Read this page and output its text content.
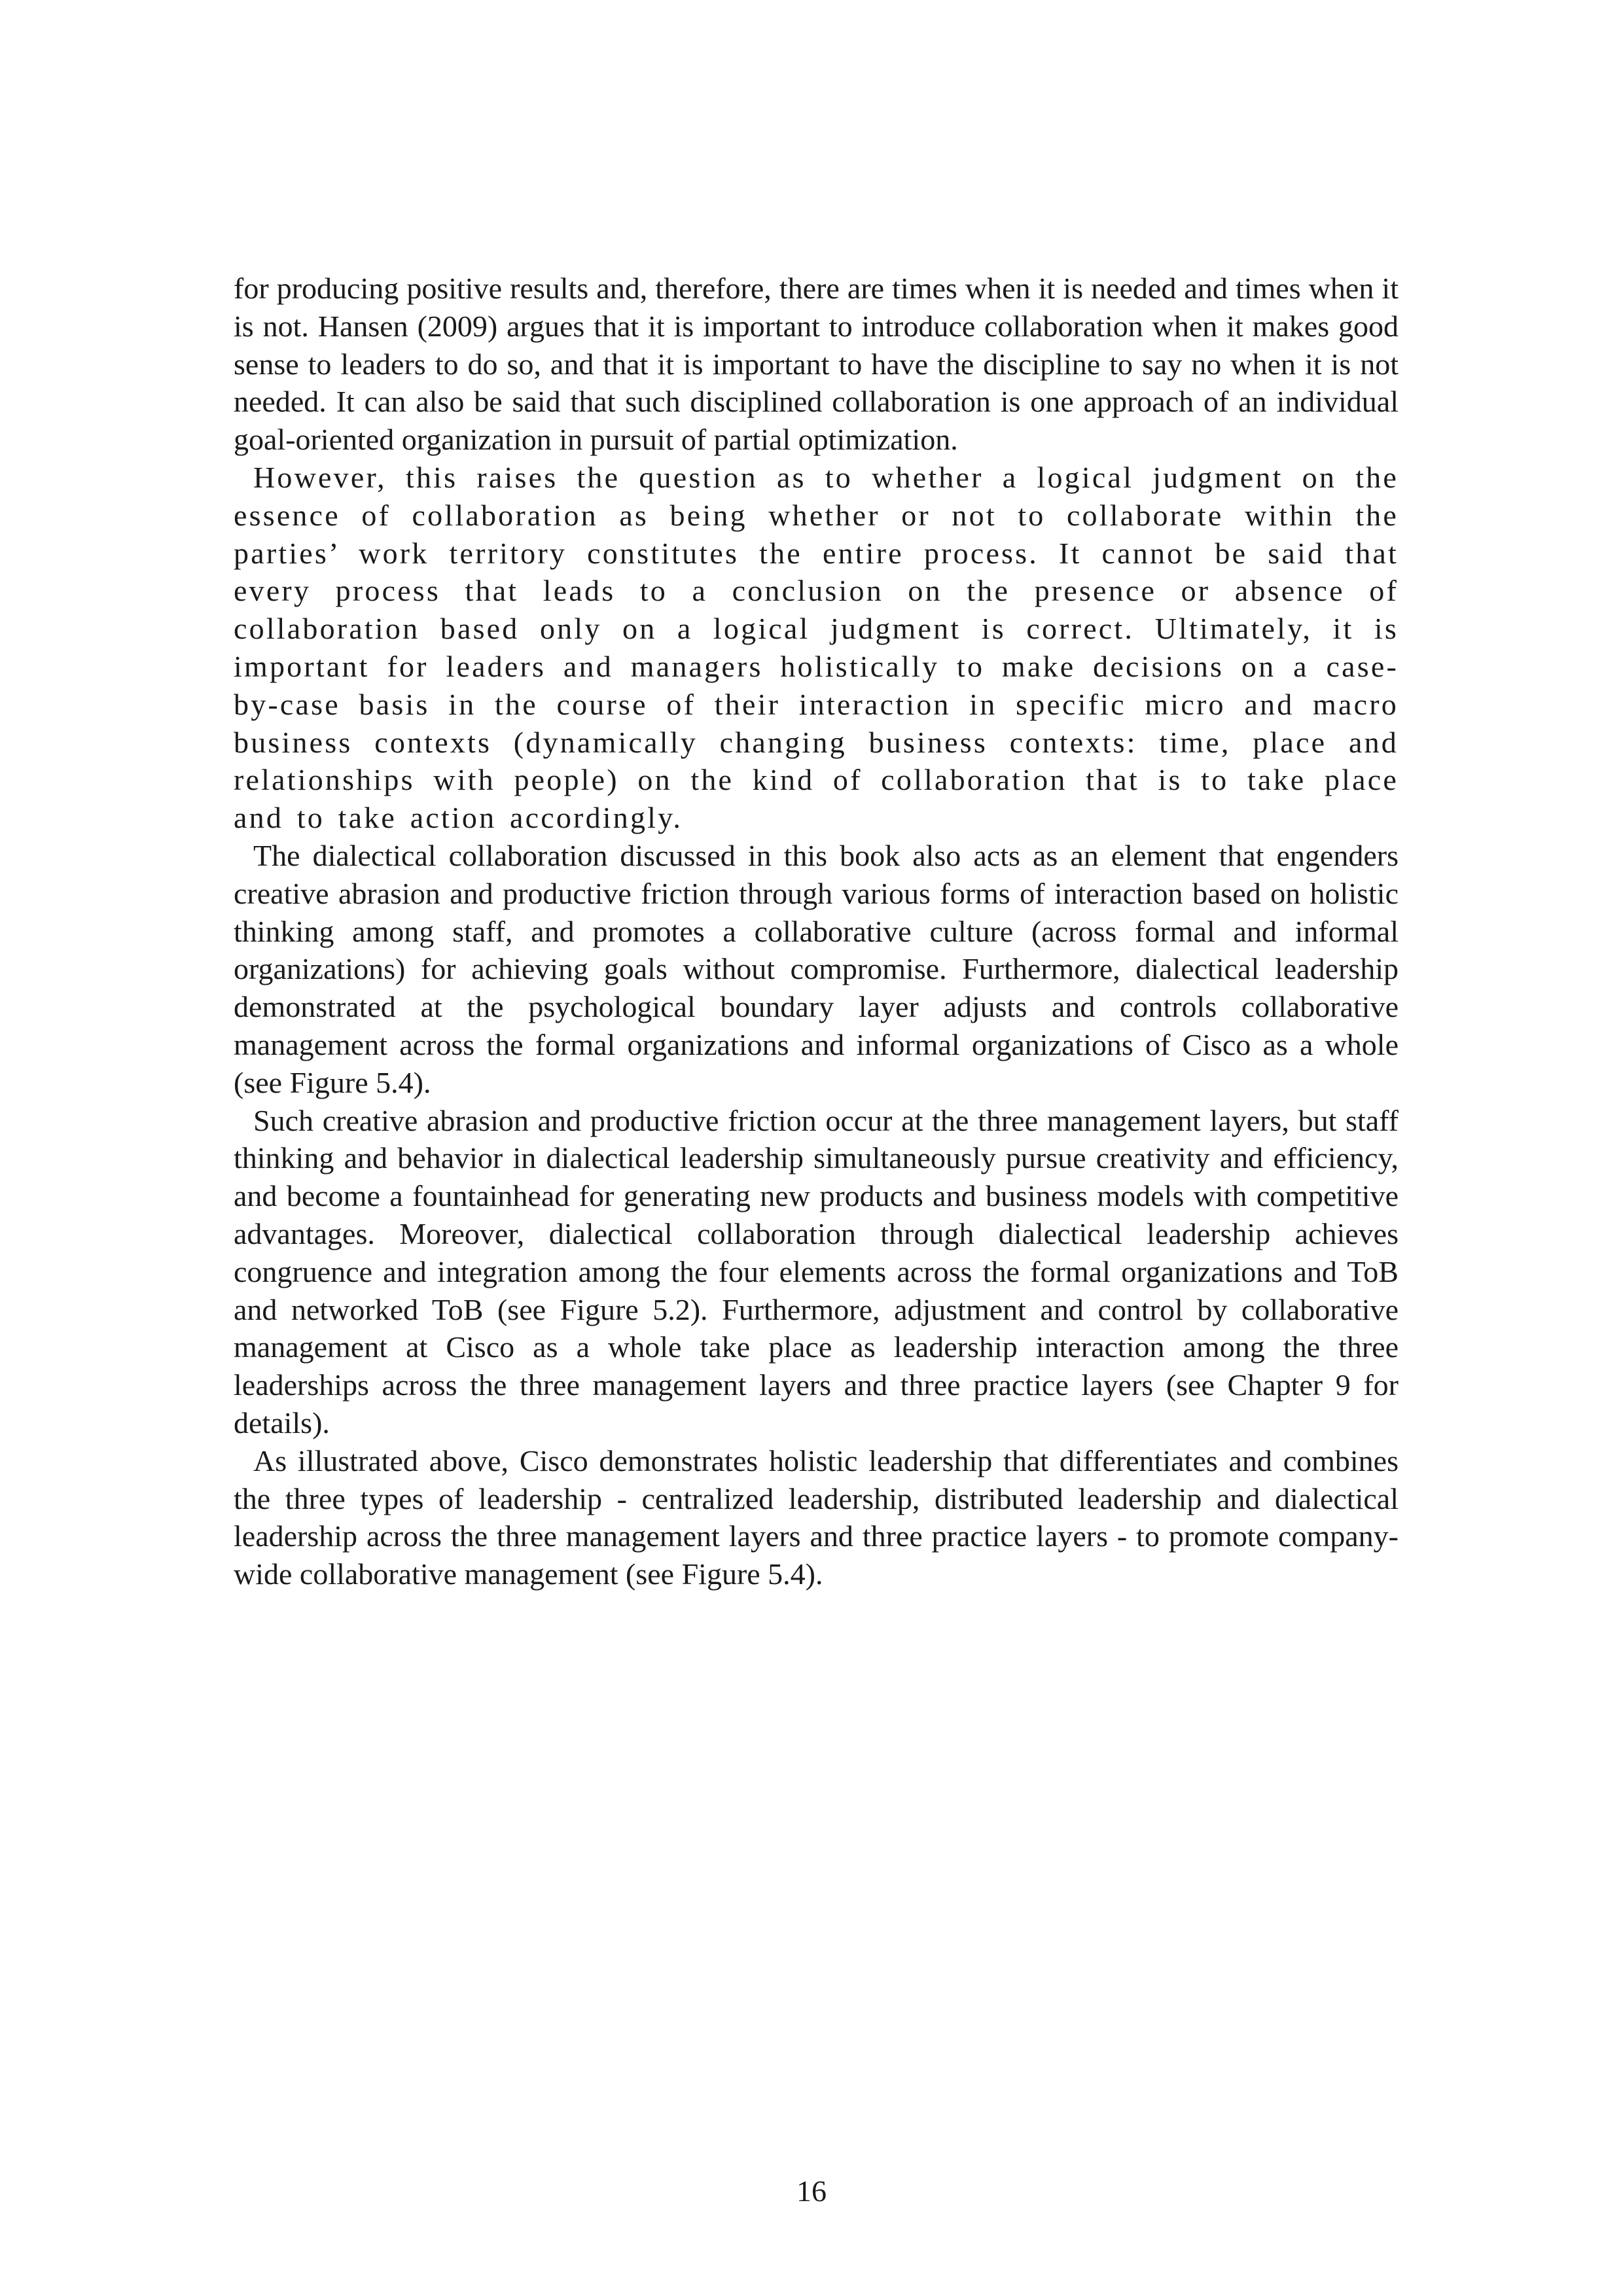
for producing positive results and, therefore, there are times when it is needed and times when it is not. Hansen (2009) argues that it is important to introduce collaboration when it makes good sense to leaders to do so, and that it is important to have the discipline to say no when it is not needed. It can also be said that such disciplined collaboration is one approach of an individual goal-oriented organization in pursuit of partial optimization.

However, this raises the question as to whether a logical judgment on the essence of collaboration as being whether or not to collaborate within the parties’ work territory constitutes the entire process. It cannot be said that every process that leads to a conclusion on the presence or absence of collaboration based only on a logical judgment is correct. Ultimately, it is important for leaders and managers holistically to make decisions on a case-by-case basis in the course of their interaction in specific micro and macro business contexts (dynamically changing business contexts: time, place and relationships with people) on the kind of collaboration that is to take place and to take action accordingly.

The dialectical collaboration discussed in this book also acts as an element that engenders creative abrasion and productive friction through various forms of interaction based on holistic thinking among staff, and promotes a collaborative culture (across formal and informal organizations) for achieving goals without compromise. Furthermore, dialectical leadership demonstrated at the psychological boundary layer adjusts and controls collaborative management across the formal organizations and informal organizations of Cisco as a whole (see Figure 5.4).

Such creative abrasion and productive friction occur at the three management layers, but staff thinking and behavior in dialectical leadership simultaneously pursue creativity and efficiency, and become a fountainhead for generating new products and business models with competitive advantages. Moreover, dialectical collaboration through dialectical leadership achieves congruence and integration among the four elements across the formal organizations and ToB and networked ToB (see Figure 5.2). Furthermore, adjustment and control by collaborative management at Cisco as a whole take place as leadership interaction among the three leaderships across the three management layers and three practice layers (see Chapter 9 for details).

As illustrated above, Cisco demonstrates holistic leadership that differentiates and combines the three types of leadership - centralized leadership, distributed leadership and dialectical leadership across the three management layers and three practice layers - to promote company-wide collaborative management (see Figure 5.4).

16
